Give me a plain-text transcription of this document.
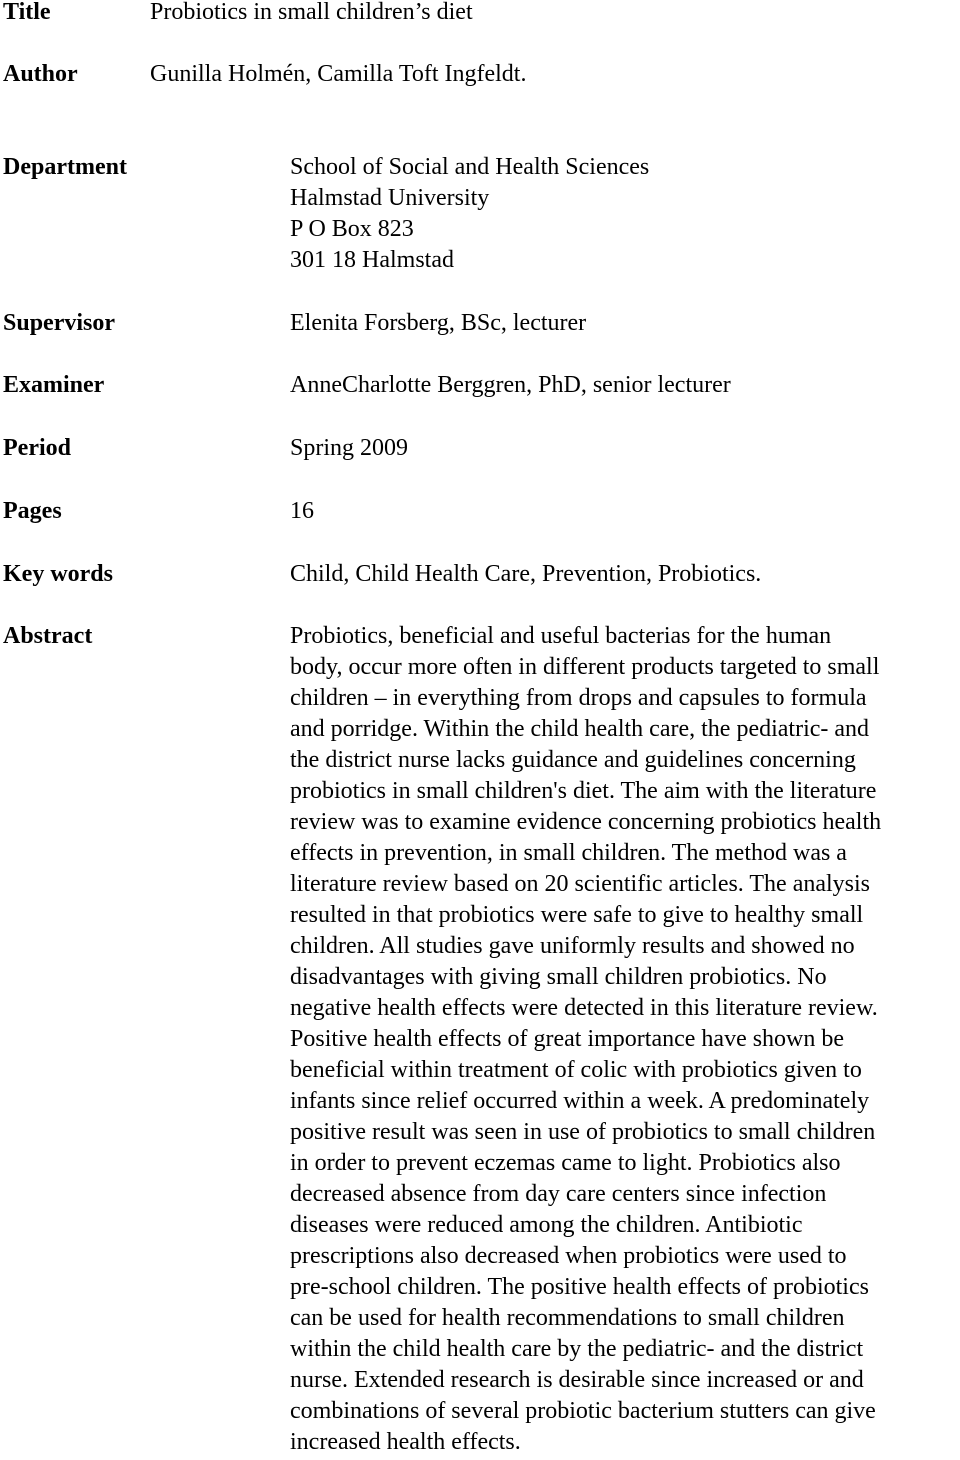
Title	Probiotics in small children’s diet
Author	Gunilla Holmén, Camilla Toft Ingfeldt.
Department	School of Social and Health Sciences
Halmstad University
P O Box 823
301 18 Halmstad
Supervisor	Elenita Forsberg, BSc, lecturer
Examiner	AnneCharlotte Berggren, PhD, senior lecturer
Period	Spring 2009
Pages	16
Key words	Child, Child Health Care, Prevention, Probiotics.
Abstract	Probiotics, beneficial and useful bacterias for the human
body, occur more often in different products targeted to small
children – in everything from drops and capsules to formula
and porridge. Within the child health care, the pediatric- and
the district nurse lacks guidance and guidelines concerning
probiotics in small children's diet. The aim with the literature
review was to examine evidence concerning probiotics health
effects in prevention, in small children. The method was a
literature review based on 20 scientific articles. The analysis
resulted in that probiotics were safe to give to healthy small
children. All studies gave uniformly results and showed no
disadvantages with giving small children probiotics. No
negative health effects were detected in this literature review.
Positive health effects of great importance have shown be
beneficial within treatment of colic with probiotics given to
infants since relief occurred within a week. A predominately
positive result was seen in use of probiotics to small children
in order to prevent eczemas came to light. Probiotics also
decreased absence from day care centers since infection
diseases were reduced among the children. Antibiotic
prescriptions also decreased when probiotics were used to
pre-school children. The positive health effects of probiotics
can be used for health recommendations to small children
within the child health care by the pediatric- and the district
nurse. Extended research is desirable since increased or and
combinations of several probiotic bacterium stutters can give
increased health effects.
